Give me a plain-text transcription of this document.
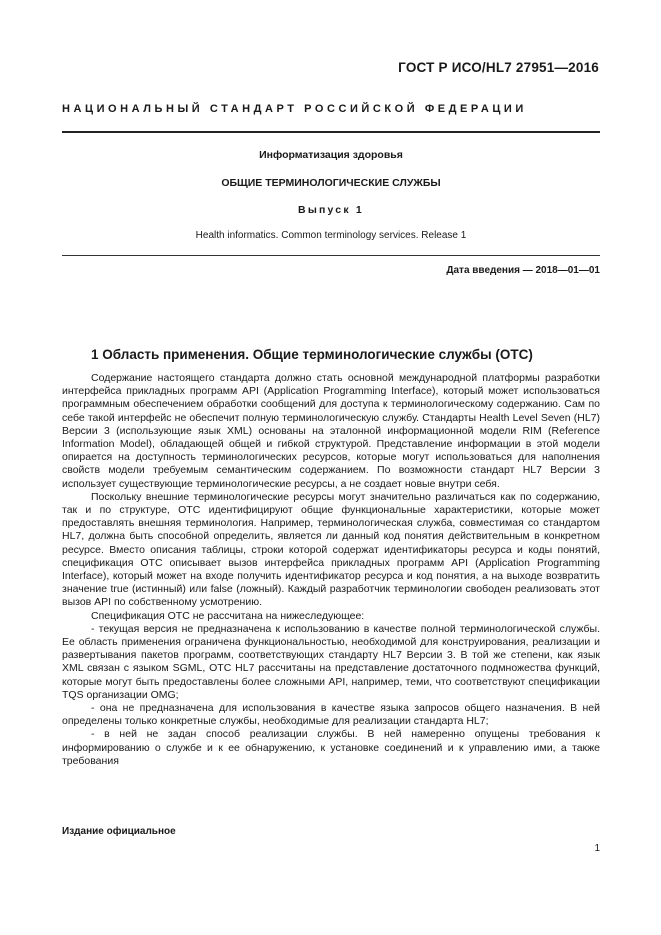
ГОСТ Р ИСО/HL7 27951—2016
НАЦИОНАЛЬНЫЙ СТАНДАРТ РОССИЙСКОЙ ФЕДЕРАЦИИ
Информатизация здоровья
ОБЩИЕ ТЕРМИНОЛОГИЧЕСКИЕ СЛУЖБЫ
Выпуск 1
Health informatics. Common terminology services. Release 1
Дата введения — 2018—01—01
1 Область применения. Общие терминологические службы (ОТС)

Содержание настоящего стандарта должно стать основной международной платформы разработки интерфейса прикладных программ API (Application Programming Interface), который может использоваться программным обеспечением обработки сообщений для доступа к терминологическому содержанию. Сам по себе такой интерфейс не обеспечит полную терминологическую службу. Стандарты Health Level Seven (HL7) Версии 3 (использующие язык XML) основаны на эталонной информационной модели RIM (Reference Information Model), обладающей общей и гибкой структурой. Представление информации в этой модели опирается на доступность терминологических ресурсов, которые могут использоваться для наполнения свойств модели требуемым семантическим содержанием. По возможности стандарт HL7 Версии 3 использует существующие терминологические ресурсы, а не создает новые внутри себя.

Поскольку внешние терминологические ресурсы могут значительно различаться как по содержанию, так и по структуре, ОТС идентифицируют общие функциональные характеристики, которые может предоставлять внешняя терминология. Например, терминологическая служба, совместимая со стандартом HL7, должна быть способной определить, является ли данный код понятия действительным в конкретном ресурсе. Вместо описания таблицы, строки которой содержат идентификаторы ресурса и коды понятий, спецификация ОТС описывает вызов интерфейса прикладных программ API (Application Programming Interface), который может на входе получить идентификатор ресурса и код понятия, а на выходе возвратить значение true (истинный) или false (ложный). Каждый разработчик терминологии свободен реализовать этот вызов API по собственному усмотрению.

Спецификация ОТС не рассчитана на нижеследующее:

- текущая версия не предназначена к использованию в качестве полной терминологической службы. Ее область применения ограничена функциональностью, необходимой для конструирования, реализации и развертывания пакетов программ, соответствующих стандарту HL7 Версии 3. В той же степени, как язык XML связан с языком SGML, ОТС HL7 рассчитаны на представление достаточного подмножества функций, которые могут быть предоставлены более сложными API, например, теми, что соответствуют спецификации TQS организации OMG;

- она не предназначена для использования в качестве языка запросов общего назначения. В ней определены только конкретные службы, необходимые для реализации стандарта HL7;

- в ней не задан способ реализации службы. В ней намеренно опущены требования к информированию о службе и к ее обнаружению, к установке соединений и к управлению ими, а также требования

Издание официальное
1
